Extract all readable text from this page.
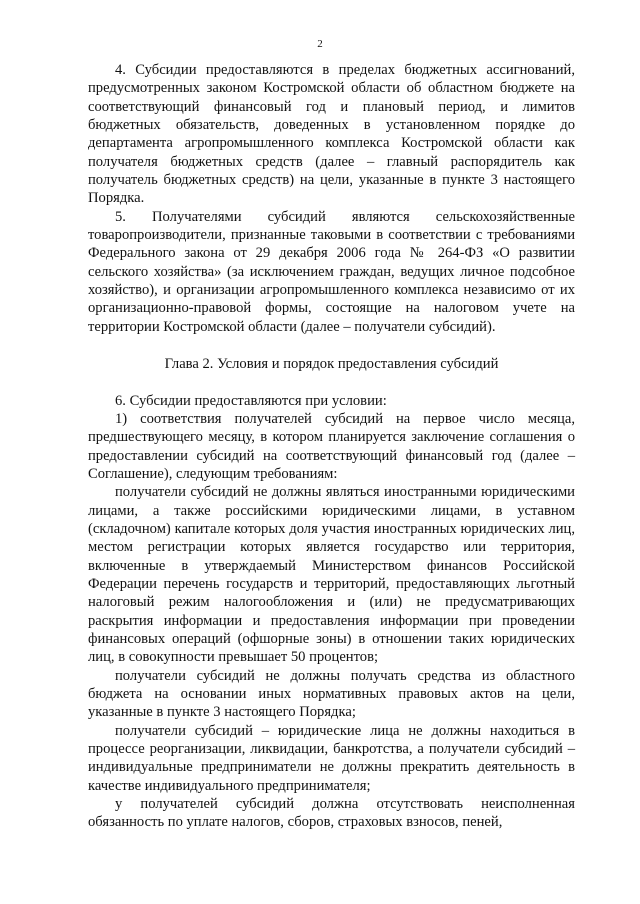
2

4. Субсидии предоставляются в пределах бюджетных ассигнований, предусмотренных законом Костромской области об областном бюджете на соответствующий финансовый год и плановый период, и лимитов бюджетных обязательств, доведенных в установленном порядке до департамента агропромышленного комплекса Костромской области как получателя бюджетных средств (далее – главный распорядитель как получатель бюджетных средств) на цели, указанные в пункте 3 настоящего Порядка.

5. Получателями субсидий являются сельскохозяйственные товаропроизводители, признанные таковыми в соответствии с требованиями Федерального закона от 29 декабря 2006 года № 264-ФЗ «О развитии сельского хозяйства» (за исключением граждан, ведущих личное подсобное хозяйство), и организации агропромышленного комплекса независимо от их организационно-правовой формы, состоящие на налоговом учете на территории Костромской области (далее – получатели субсидий).

Глава 2. Условия и порядок предоставления субсидий

6. Субсидии предоставляются при условии:

1) соответствия получателей субсидий на первое число месяца, предшествующего месяцу, в котором планируется заключение соглашения о предоставлении субсидий на соответствующий финансовый год (далее – Соглашение), следующим требованиям:

получатели субсидий не должны являться иностранными юридическими лицами, а также российскими юридическими лицами, в уставном (складочном) капитале которых доля участия иностранных юридических лиц, местом регистрации которых является государство или территория, включенные в утверждаемый Министерством финансов Российской Федерации перечень государств и территорий, предоставляющих льготный налоговый режим налогообложения и (или) не предусматривающих раскрытия информации и предоставления информации при проведении финансовых операций (офшорные зоны) в отношении таких юридических лиц, в совокупности превышает 50 процентов;

получатели субсидий не должны получать средства из областного бюджета на основании иных нормативных правовых актов на цели, указанные в пункте 3 настоящего Порядка;

получатели субсидий – юридические лица не должны находиться в процессе реорганизации, ликвидации, банкротства, а получатели субсидий – индивидуальные предприниматели не должны прекратить деятельность в качестве индивидуального предпринимателя;

у получателей субсидий должна отсутствовать неисполненная обязанность по уплате налогов, сборов, страховых взносов, пеней,
